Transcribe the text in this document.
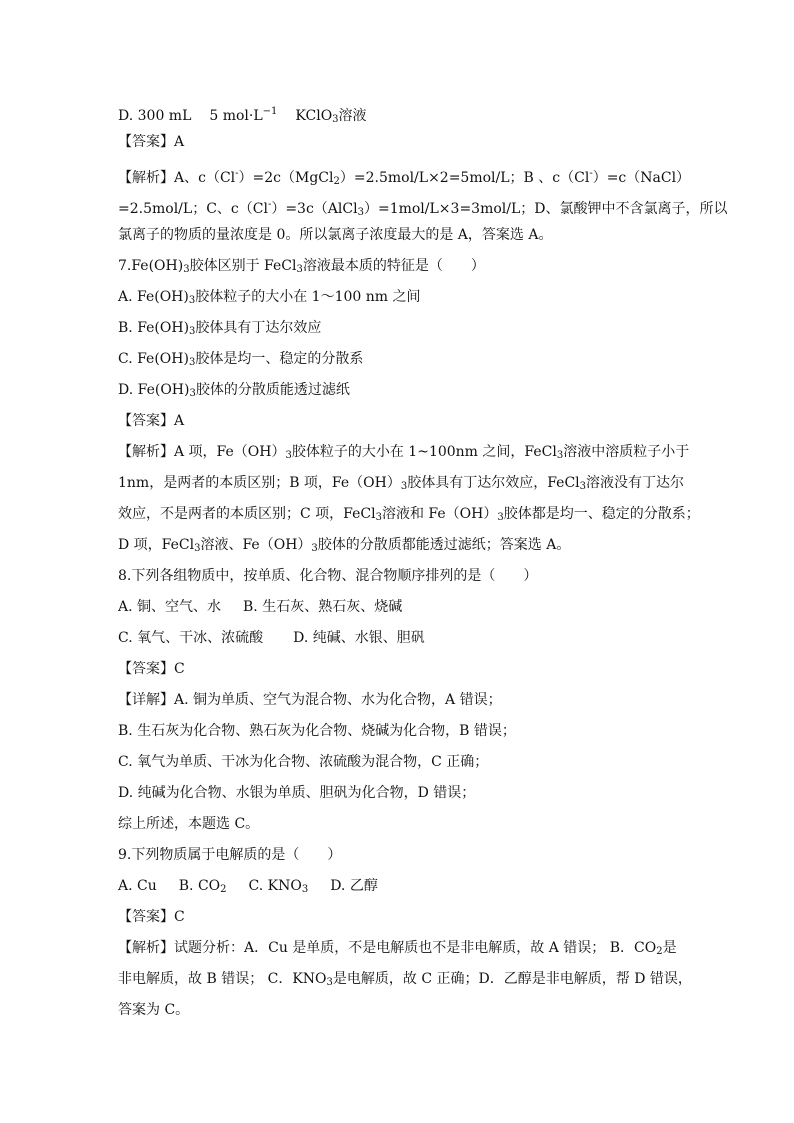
D. 300 mL 5 $mol\cdot L^{-1}$ KClO$_3$溶液
【答案】A
【解析】A、c（Cl-）=2c（MgCl$_2$）=2.5mol/L×2=5mol/L；B 、c（Cl-）=c（NaCl）
=2.5mol/L；C、c（Cl-）=3c（AlCl$_3$）=1mol/L×3=3mol/L；D、氯酸钾中不含氯离子，所以
氯离子的物质的量浓度是 0。所以氯离子浓度最大的是 A，答案选 A。
$7.Fe(OH)_3$胶体区别于 FeCl$_3$溶液最本质的特征是（　　）
A. $Fe(OH)_3$胶体粒子的大小在 1～100 nm 之间
B. $Fe(OH)_3$胶体具有丁达尔效应
C. $Fe(OH)_3$胶体是均一、稳定的分散系
D. $Fe(OH)_3$胶体的分散质能透过滤纸
【答案】A
【解析】A 项，$Fe(OH)_3$胶体粒子的大小在 1~100nm 之间，FeCl$_3$溶液中溶质粒子小于
1nm，是两者的本质区别；B 项，$Fe(OH)_3$胶体具有丁达尔效应，FeCl$_3$溶液没有丁达尔
效应，不是两者的本质区别；C 项，FeCl$_3$溶液和 $Fe(OH)_3$胶体都是均一、稳定的分散系；
D 项，FeCl$_3$溶液、$Fe(OH)_3$胶体的分散质都能透过滤纸；答案选 A。
8.下列各组物质中，按单质、化合物、混合物顺序排列的是（　　）
A. 铜、空气、水 B. 生石灰、熟石灰、烧碱
C. 氧气、干冰、浓硫酸 D. 纯碱、水银、胆矾
【答案】C
【详解】A. 铜为单质、空气为混合物、水为化合物，A 错误；
B. 生石灰为化合物、熟石灰为化合物、烧碱为化合物，B 错误；
C. 氧气为单质、干冰为化合物、浓硫酸为混合物，C 正确；
D. 纯碱为化合物、水银为单质、胆矾为化合物，D 错误；
综上所述，本题选 C。
9.下列物质属于电解质的是（　　）
A. Cu B. $CO_2$ C. $KNO_3$ D. 乙醇
【答案】C
【解析】试题分析：A．Cu 是单质，不是电解质也不是非电解质，故 A 错误； B．$CO_2$是
非电解质，故 B 错误； C．$KNO_3$是电解质，故 C 正确；D．乙醇是非电解质，帮 D 错误，
答案为 C。
